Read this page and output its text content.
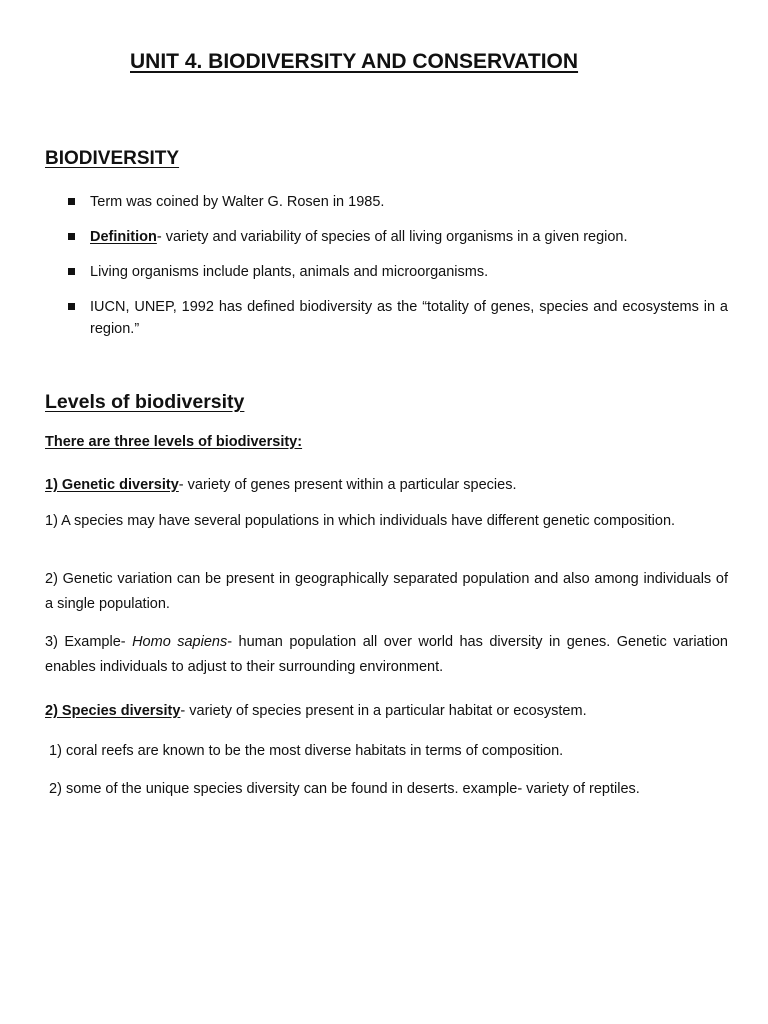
UNIT 4. BIODIVERSITY AND CONSERVATION
BIODIVERSITY
Term was coined by Walter G. Rosen in 1985.
Definition- variety and variability of species of all living organisms in a given region.
Living organisms include plants, animals and microorganisms.
IUCN, UNEP, 1992 has defined biodiversity as the “totality of genes, species and ecosystems in a region.”
Levels of biodiversity
There are three levels of biodiversity:

1) Genetic diversity- variety of genes present within a particular species.

1) A species may have several populations in which individuals have different genetic composition.

2) Genetic variation can be present in geographically separated population and also among individuals of a single population.

3) Example- Homo sapiens- human population all over world has diversity in genes. Genetic variation enables individuals to adjust to their surrounding environment.

2) Species diversity- variety of species present in a particular habitat or ecosystem.

1) coral reefs are known to be the most diverse habitats in terms of composition.

2) some of the unique species diversity can be found in deserts. example- variety of reptiles.
